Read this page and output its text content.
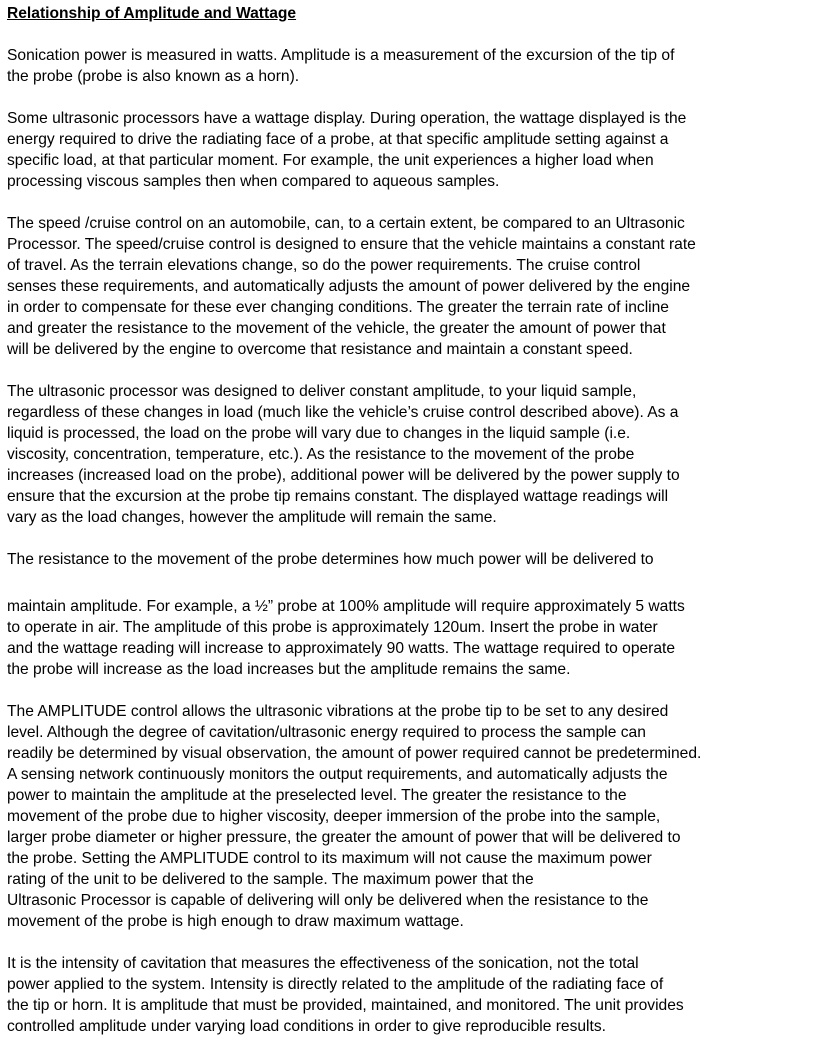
Relationship of Amplitude and Wattage

Sonication power is measured in watts. Amplitude is a measurement of the excursion of the tip of
the probe (probe is also known as a horn).

Some ultrasonic processors have a wattage display. During operation, the wattage displayed is the
energy required to drive the radiating face of a probe, at that specific amplitude setting against a
specific load, at that particular moment. For example, the unit experiences a higher load when
processing viscous samples then when compared to aqueous samples.

The speed /cruise control on an automobile, can, to a certain extent, be compared to an Ultrasonic
Processor. The speed/cruise control is designed to ensure that the vehicle maintains a constant rate
of travel. As the terrain elevations change, so do the power requirements. The cruise control
senses these requirements, and automatically adjusts the amount of power delivered by the engine
in order to compensate for these ever changing conditions. The greater the terrain rate of incline
and greater the resistance to the movement of the vehicle, the greater the amount of power that
will be delivered by the engine to overcome that resistance and maintain a constant speed.

The ultrasonic processor was designed to deliver constant amplitude, to your liquid sample,
regardless of these changes in load (much like the vehicle’s cruise control described above). As a
liquid is processed, the load on the probe will vary due to changes in the liquid sample (i.e.
viscosity, concentration, temperature, etc.). As the resistance to the movement of the probe
increases (increased load on the probe), additional power will be delivered by the power supply to
ensure that the excursion at the probe tip remains constant. The displayed wattage readings will
vary as the load changes, however the amplitude will remain the same.

The resistance to the movement of the probe determines how much power will be delivered to

maintain amplitude. For example, a ½” probe at 100% amplitude will require approximately 5 watts
to operate in air. The amplitude of this probe is approximately 120um. Insert the probe in water
and the wattage reading will increase to approximately 90 watts. The wattage required to operate
the probe will increase as the load increases but the amplitude remains the same.

The AMPLITUDE control allows the ultrasonic vibrations at the probe tip to be set to any desired
level. Although the degree of cavitation/ultrasonic energy required to process the sample can
readily be determined by visual observation, the amount of power required cannot be predetermined.
A sensing network continuously monitors the output requirements, and automatically adjusts the
power to maintain the amplitude at the preselected level. The greater the resistance to the
movement of the probe due to higher viscosity, deeper immersion of the probe into the sample,
larger probe diameter or higher pressure, the greater the amount of power that will be delivered to
the probe. Setting the AMPLITUDE control to its maximum will not cause the maximum power
rating of the unit to be delivered to the sample. The maximum power that the
Ultrasonic Processor is capable of delivering will only be delivered when the resistance to the
movement of the probe is high enough to draw maximum wattage.

It is the intensity of cavitation that measures the effectiveness of the sonication, not the total
power applied to the system. Intensity is directly related to the amplitude of the radiating face of
the tip or horn. It is amplitude that must be provided, maintained, and monitored. The unit provides
controlled amplitude under varying load conditions in order to give reproducible results.
